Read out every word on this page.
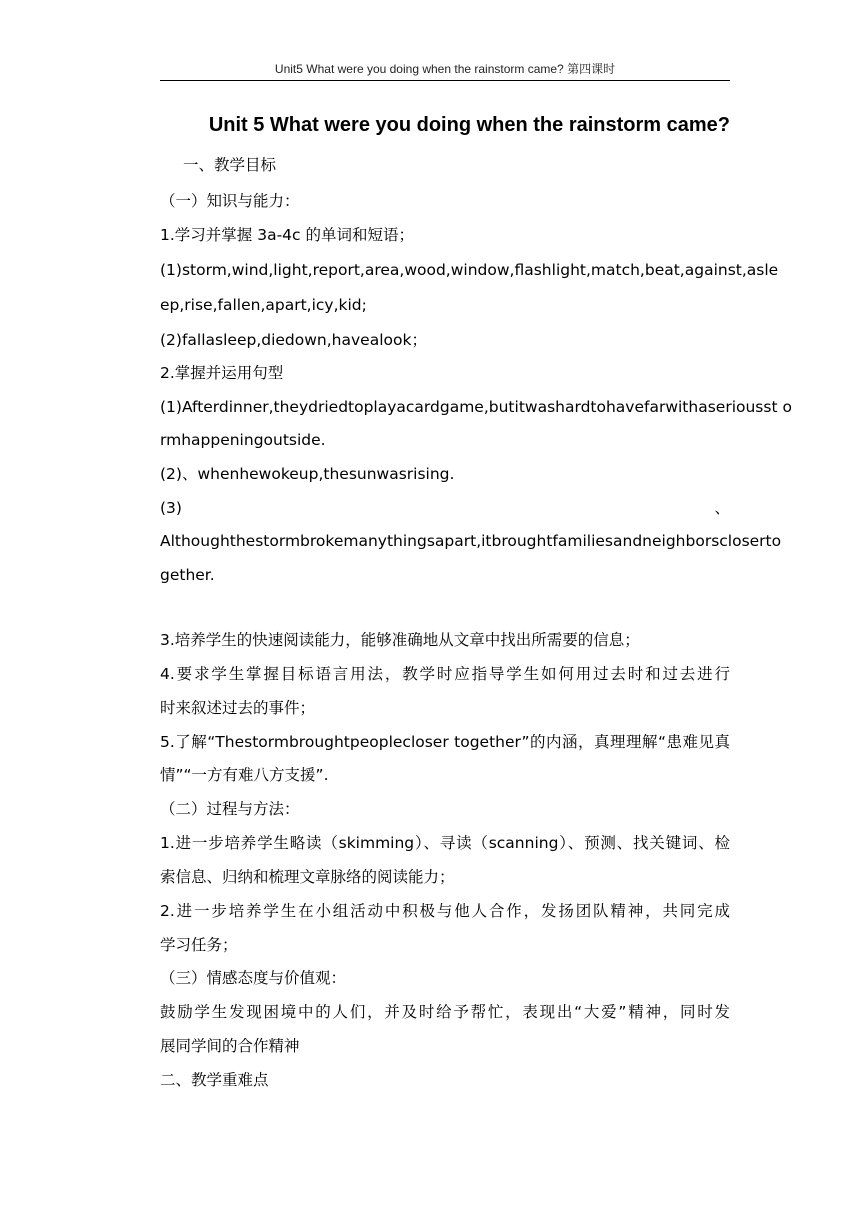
Unit5 What were you doing when the rainstorm came? 第四课时
Unit 5 What were you doing when the rainstorm came?
一、教学目标
（一）知识与能力：
1.学习并掌握 3a-4c 的单词和短语；
(1)storm,wind,light,report,area,wood,window,flashlight,match,beat,against,asle
ep,rise,fallen,apart,icy,kid;
(2)fallasleep,diedown,havealook；
2.掌握并运用句型
(1)Afterdinner,theydriedtoplayacardgame,butitwashardtohavefarwithaseriousst o
rmhappeningoutside.
(2)、whenhewokeup,thesunwasrising.
(3)	、
Althoughthestormbrokemanythingsapart,itbroughtfamiliesandneighborscloserto
gether.
3.培养学生的快速阅读能力，能够准确地从文章中找出所需要的信息；
4.要求学生掌握目标语言用法，教学时应指导学生如何用过去时和过去进行
时来叙述过去的事件；
5.了解“Thestormbroughtpeoplecloser together”的内涵，真理理解“患难见真
情”“一方有难八方支援”.
（二）过程与方法：
1.进一步培养学生略读（skimming）、寻读（scanning）、预测、找关键词、检
索信息、归纳和梳理文章脉络的阅读能力；
2.进一步培养学生在小组活动中积极与他人合作，发扬团队精神，共同完成
学习任务；
（三）情感态度与价值观：
鼓励学生发现困境中的人们，并及时给予帮忙，表现出“大爱”精神，同时发
展同学间的合作精神
二、教学重难点
